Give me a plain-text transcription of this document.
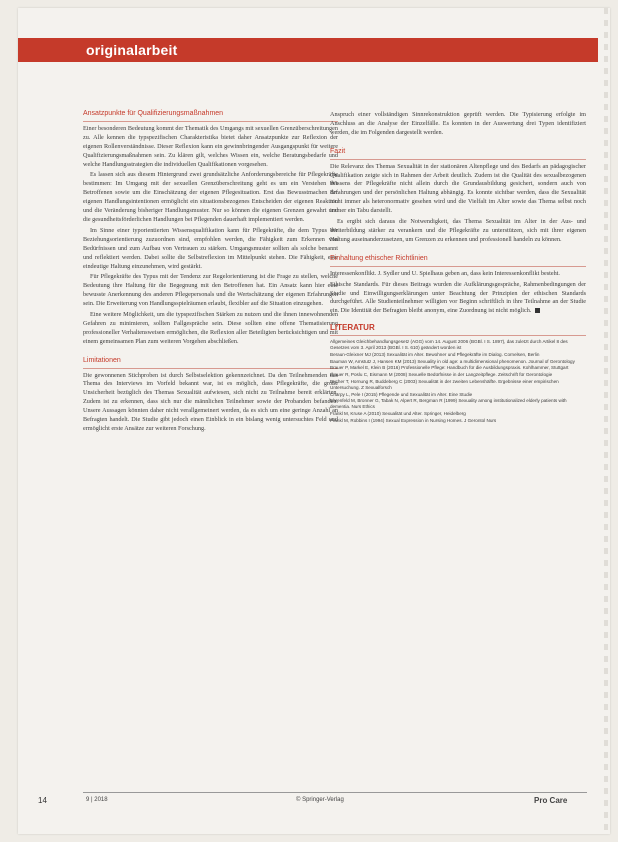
originalarbeit
Ansatzpunkte für Qualifizierungsmaßnahmen

Einer besonderen Bedeutung kommt der Thematik des Umgangs mit sexuellen Grenzüberschreitungen zu. Alle kennen die typspezifischen Charakteristika bietet daher Ansatzpunkte zur Reflexion der eigenen Rollenverständnisse. Dieser Reflexion kann ein gewinnbringender Ausgangspunkt für weitere Qualifizierungsmaßnahmen sein. Zu klären gilt, welches Wissen ein, welche Beratungsbedarfe und welche Handlungsstrategien die individuellen Qualifikationen vorgesehen.

Es lassen sich aus diesem Hintergrund zwei grundsätzliche Anforderungsbereiche für Pflegekräfte bestimmen: Im Umgang mit der sexuellen Grenzüberschreitung geht es um ein Verstehen des Betroffenen sowie um die Einschätzung der eigenen Pflegesituation. Erst das Bewusstmachen der eigenen Handlungsintentionen ermöglicht ein situationsbezogenes Entscheiden der eigenen Reaktion und die Veränderung bisheriger Handlungsmuster. Nur so können die eigenen Grenzen gewahrt und die gesundheitsförderlichen Handlungen bei Pflegenden dauerhaft implementiert werden.

Im Sinne einer typorientierten Wissensqualifikation kann für Pflegekräfte, die dem Typus der Beziehungsorientierung zuzuordnen sind, empfohlen werden, die Fähigkeit zum Erkennen von Bedürfnissen und zum Aufbau von Vertrauen zu stärken. Umgangsmuster sollten als solche benannt und reflektiert werden. Dabei sollte die Selbstreflexion im Mittelpunkt stehen. Die Fähigkeit, eine eindeutige Haltung einzunehmen, wird gestärkt.

Für Pflegekräfte des Typus mit der Tendenz zur Regelorientierung ist die Frage zu stellen, welche Bedeutung ihre Haltung für die Begegnung mit den Betroffenen hat. Ein Ansatz kann hier eine bewusste Anerkennung des anderen Pflegepersonals und die Wertschätzung der eigenen Erfahrungen sein. Die Erweiterung von Handlungsspielräumen erlaubt, flexibler auf die Situation einzugehen.

Eine weitere Möglichkeit, um die typspezifischen Stärken zu nutzen und die ihnen innewohnenden Gefahren zu minimieren, sollten Fallgespräche sein. Diese sollten eine offene Thematisierung professioneller Verhaltensweisen ermöglichen, die Reflexion aller Beteiligten berücksichtigen und mit einem gemeinsamen Plan zum weiteren Vorgehen abschließen.

Limitationen

Die gewonnenen Stichproben ist durch Selbstselektion gekennzeichnet. Da den Teilnehmenden das Thema des Interviews im Vorfeld bekannt war, ist es möglich, dass Pflegekräfte, die große Unsicherheit bezüglich des Themas Sexualität aufwiesen, sich nicht zu Teilnahme bereit erklärten. Zudem ist zu erkennen, dass sich nur die männlichen Teilnehmer sowie der Probanden befanden. Unsere Aussagen könnten daher nicht verallgemeinert werden, da es sich um eine geringe Anzahl an Befragten handelt. Die Studie gibt jedoch einen Einblick in ein bislang wenig untersuchtes Feld und ermöglicht erste Ansätze zur weiteren Forschung.

Anspruch einer vollständigen Sinnrekonstruktion geprüft werden. Die Typisierung erfolgte im Anschluss an die Analyse der Einzelfälle. Es konnten in der Auswertung drei Typen identifiziert werden, die im Folgenden dargestellt werden.

Fazit

Die Relevanz des Themas Sexualität in der stationären Altenpflege und des Bedarfs an pädagogischer Qualifikation zeigte sich in Rahmen der Arbeit deutlich. Zudem ist die Qualität des sexualbezogenen Wissens der Pflegekräfte nicht allein durch die Grundausbildung gesichert, sondern auch von Erfahrungen und der persönlichen Haltung abhängig. Es konnte sichtbar werden, dass die Sexualität nicht immer als heteronormativ gesehen wird und die Vielfalt im Alter sowie das Thema selbst noch immer ein Tabu darstellt.

Es ergibt sich daraus die Notwendigkeit, das Thema Sexualität im Alter in der Aus- und Weiterbildung stärker zu verankern und die Pflegekräfte zu unterstützen, sich mit ihrer eigenen Haltung auseinanderzusetzen, um Grenzen zu erkennen und professionell handeln zu können.

Einhaltung ethischer Richtlinien

Interessenkonflikt. J. Sydler und U. Spielhaus geben an, dass kein Interessenkonflikt besteht.

Ethische Standards. Für dieses Beitrags wurden die Aufklärungsgespräche, Rahmenbedingungen der Studie und Einwilligungserklärungen unter Beachtung der Prinzipien der ethischen Standards durchgeführt. Alle Studienteilnehmer willigten vor Beginn schriftlich in ihre Teilnahme an der Studie ein. Die Identität der Befragten bleibt anonym, eine Zuordnung ist nicht möglich.

LITERATUR

Allgemeines Gleichbehandlungsgesetz (AGG) vom 14. August 2006 (BGBl. I S. 1897), das zuletzt durch Artikel 8 des Gesetzes vom 3. April 2013 (BGBl. I S. 610) geändert worden ist

Beraun-Gleixner MJ (2013) Sexualität im Alter. Bewohner und Pflegekräfte im Dialog. Cornelsen, Berlin

Bauman W, Amstutz J, Hansen KM (2013) Sexuality in old age: a multidimensional phenomenon. Journal of Gerontology

Brauer P, Markel E, Klein B (2016) Professionelle Pflege: Handbuch für die Ausbildungspraxis. Kohlhammer, Stuttgart

Brauer R, Poslu C, Eismann M (2008) Sexuelle Bedürfnisse in der Langzeitpflege. Zeitschrift für Gerontologie

Bucher T, Hornung R, Buddeberg C (2003) Sexualität in der zweiten Lebenshälfte. Ergebnisse einer empirischen Untersuchung. Z Sexualforsch

Charpy L, Pele I (2015) Pflegende und Sexualität im Alter. Eine Studie

Ehrenfeld M, Bronner G, Tabak N, Alpert R, Bergman R (1999) Sexuality among institutionalized elderly patients with dementia. Nurs Ethics

Frankl M, Kruse A (2010) Sexualität und Alter. Springer, Heidelberg

Frankl M, Robbins I (1994) Sexual Expression in Nursing Homes. J Gerontol Nurs

14	9 | 2018	© Springer-Verlag	Pro Care
